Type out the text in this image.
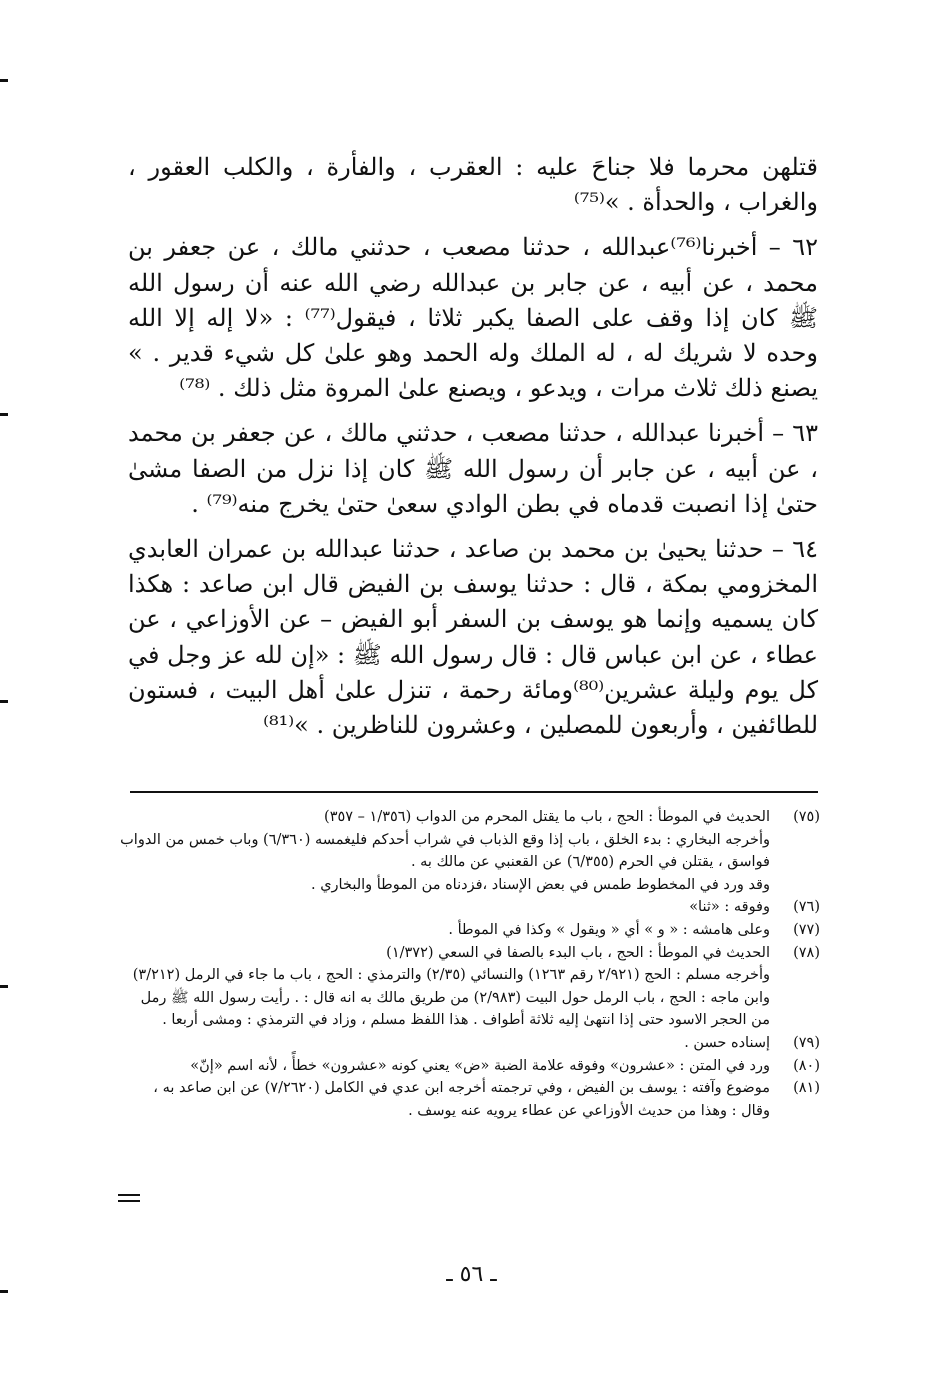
قتلهن محرما فلا جناحَ عليه : العقرب ، والفأرة ، والكلب العقور ، والغراب ، والحدأة . »⁽⁷⁵⁾

٦٢ – أخبرنا⁽⁷⁶⁾عبدالله ، حدثنا مصعب ، حدثني مالك ، عن جعفر بن محمد ، عن أبيه ، عن جابر بن عبدالله رضي الله عنه أن رسول الله ﷺ كان إذا وقف على الصفا يكبر ثلاثا ، فيقول⁽⁷⁷⁾ : «لا إله إلا الله وحده لا شريك له ، له الملك وله الحمد وهو علىٰ كل شيء قدير . » يصنع ذلك ثلاث مرات ، ويدعو ، ويصنع علىٰ المروة مثل ذلك . ⁽⁷⁸⁾

٦٣ – أخبرنا عبدالله ، حدثنا مصعب ، حدثني مالك ، عن جعفر بن محمد ، عن أبيه ، عن جابر أن رسول الله ﷺ كان إذا نزل من الصفا مشىٰ حتىٰ إذا انصبت قدماه في بطن الوادي سعىٰ حتىٰ يخرج منه⁽⁷⁹⁾ .

٦٤ – حدثنا يحيىٰ بن محمد بن صاعد ، حدثنا عبدالله بن عمران العابدي المخزومي بمكة ، قال : حدثنا يوسف بن الفيض قال ابن صاعد : هكذا كان يسميه وإنما هو يوسف بن السفر أبو الفيض – عن الأوزاعي ، عن عطاء ، عن ابن عباس قال : قال رسول الله ﷺ : «إن لله عز وجل في كل يوم وليلة عشرين⁽⁸⁰⁾ومائة رحمة ، تنزل علىٰ أهل البيت ، فستون للطائفين ، وأربعون للمصلين ، وعشرون للناظرين . »⁽⁸¹⁾

(٧٥)
الحديث في الموطأ : الحج ، باب ما يقتل المحرم من الدواب (١/٣٥٦ – ٣٥٧)
وأخرجه البخاري : بدء الخلق ، باب إذا وقع الذباب في شراب أحدكم فليغمسه (٦/٣٦٠) وباب خمس من الدواب فواسق ، يقتلن في الحرم (٦/٣٥٥) عن القعنبي عن مالك به .
وقد ورد في المخطوط طمس في بعض الإسناد ،فزدناه من الموطأ والبخاري .
(٧٦)
وفوقه : «ثنا»
(٧٧)
وعلى هامشه : « و » أي « ويقول » وكذا في الموطأ .
(٧٨)
الحديث في الموطأ : الحج ، باب البدء بالصفا في السعي (١/٣٧٢)
وأخرجه مسلم : الحج (٢/٩٢١ رقم ١٢٦٣) والنسائي (٢/٣٥) والترمذي : الحج ، باب ما جاء في الرمل (٣/٢١٢) وابن ماجه : الحج ، باب الرمل حول البيت (٢/٩٨٣) من طريق مالك به انه قال : . رأيت رسول الله ﷺ رمل من الحجر الاسود حتى إذا انتهىٰ إليه ثلاثة أطواف . هذا اللفظ مسلم ، وزاد في الترمذي : ومشى أربعا .
(٧٩)
إسناده حسن .
(٨٠)
ورد في المتن : «عشرون» وفوقه علامة الضبة «ض» يعني كونه «عشرون» خطأً ، لأنه اسم «إنّ»
(٨١)
موضوع وآفته : يوسف بن الفيض ، وفي ترجمته أخرجه ابن عدي في الكامل (٧/٢٦٢٠) عن ابن صاعد به ، وقال : وهذا من حديث الأوزاعي عن عطاء يرويه عنه يوسف .
ـ ٥٦ ـ
